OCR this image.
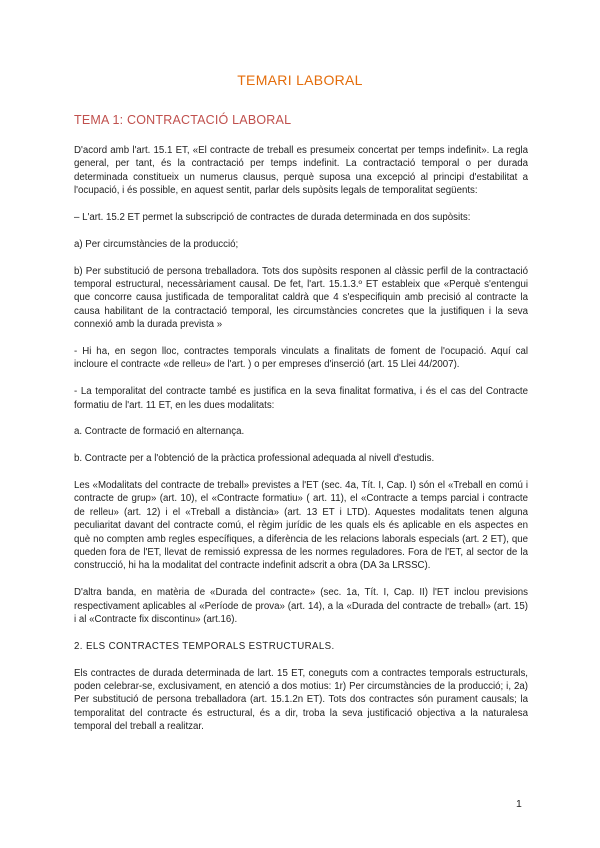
TEMARI LABORAL
TEMA 1: CONTRACTACIÓ LABORAL

D'acord amb l'art. 15.1 ET, «El contracte de treball es presumeix concertat per temps indefinit». La regla general, per tant, és la contractació per temps indefinit. La contractació temporal o per durada determinada constitueix un numerus clausus, perquè suposa una excepció al principi d'estabilitat a l'ocupació, i és possible, en aquest sentit, parlar dels supòsits legals de temporalitat següents:

– L'art. 15.2 ET permet la subscripció de contractes de durada determinada en dos supòsits:

a) Per circumstàncies de la producció;

b) Per substitució de persona treballadora. Tots dos supòsits responen al clàssic perfil de la contractació temporal estructural, necessàriament causal. De fet, l'art. 15.1.3.º ET estableix que «Perquè s'entengui que concorre causa justificada de temporalitat caldrà que 4 s'especifiquin amb precisió al contracte la causa habilitant de la contractació temporal, les circumstàncies concretes que la justifiquen i la seva connexió amb la durada prevista »

- Hi ha, en segon lloc, contractes temporals vinculats a finalitats de foment de l'ocupació. Aquí cal incloure el contracte «de relleu» de l'art. ) o per empreses d'inserció (art. 15 Llei 44/2007).

- La temporalitat del contracte també es justifica en la seva finalitat formativa, i és el cas del Contracte formatiu de l'art. 11 ET, en les dues modalitats:

a. Contracte de formació en alternança.

b. Contracte per a l'obtenció de la pràctica professional adequada al nivell d'estudis.

Les «Modalitats del contracte de treball» previstes a l'ET (sec. 4a, Tít. I, Cap. I) són el «Treball en comú i contracte de grup» (art. 10), el «Contracte formatiu» ( art. 11), el «Contracte a temps parcial i contracte de relleu» (art. 12) i el «Treball a distància» (art. 13 ET i LTD). Aquestes modalitats tenen alguna peculiaritat davant del contracte comú, el règim jurídic de les quals els és aplicable en els aspectes en què no compten amb regles específiques, a diferència de les relacions laborals especials (art. 2 ET), que queden fora de l'ET, llevat de remissió expressa de les normes reguladores. Fora de l'ET, al sector de la construcció, hi ha la modalitat del contracte indefinit adscrit a obra (DA 3a LRSSC).

D'altra banda, en matèria de «Durada del contracte» (sec. 1a, Tít. I, Cap. II) l'ET inclou previsions respectivament aplicables al «Període de prova» (art. 14), a la «Durada del contracte de treball» (art. 15) i al «Contracte fix discontinu» (art.16).

2. ELS CONTRACTES TEMPORALS ESTRUCTURALS.

Els contractes de durada determinada de lart. 15 ET, coneguts com a contractes temporals estructurals, poden celebrar-se, exclusivament, en atenció a dos motius: 1r) Per circumstàncies de la producció; i, 2a) Per substitució de persona treballadora (art. 15.1.2n ET). Tots dos contractes són purament causals; la temporalitat del contracte és estructural, és a dir, troba la seva justificació objectiva a la naturalesa temporal del treball a realitzar.

1
